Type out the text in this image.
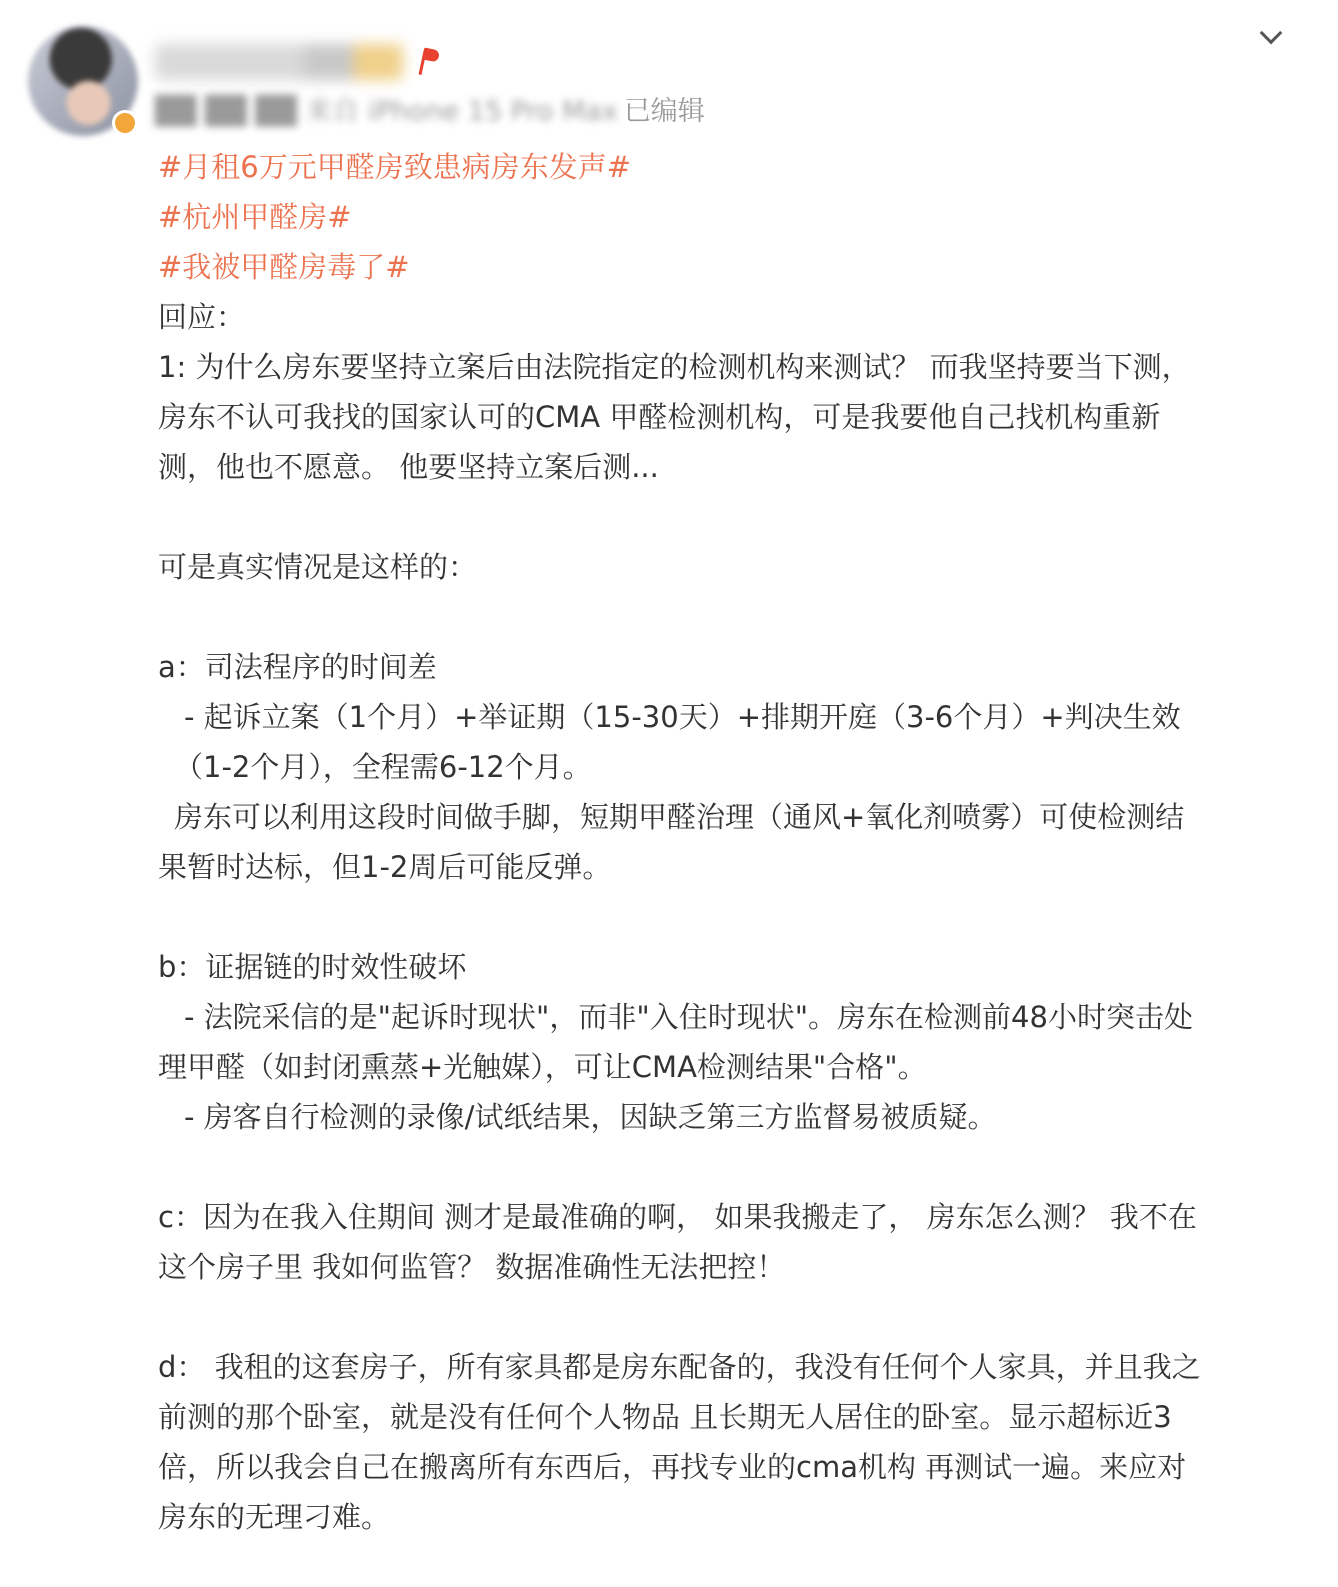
██ ██ ██ 来自 iPhone 15 Pro Max 已编辑
#月租6万元甲醛房致患病房东发声#
#杭州甲醛房#
#我被甲醛房毒了#
回应：
1: 为什么房东要坚持立案后由法院指定的检测机构来测试？ 而我坚持要当下测，
房东不认可我找的国家认可的CMA 甲醛检测机构，可是我要他自己找机构重新
测，他也不愿意。 他要坚持立案后测...
可是真实情况是这样的：
a：司法程序的时间差
- 起诉立案（1个月）+举证期（15-30天）+排期开庭（3-6个月）+判决生效
（1-2个月），全程需6-12个月。
房东可以利用这段时间做手脚，短期甲醛治理（通风+氧化剂喷雾）可使检测结
果暂时达标，但1-2周后可能反弹。
b：证据链的时效性破坏
- 法院采信的是"起诉时现状"，而非"入住时现状"。房东在检测前48小时突击处
理甲醛（如封闭熏蒸+光触媒），可让CMA检测结果"合格"。
- 房客自行检测的录像/试纸结果，因缺乏第三方监督易被质疑。
c：因为在我入住期间 测才是最准确的啊， 如果我搬走了， 房东怎么测？ 我不在
这个房子里 我如何监管？ 数据准确性无法把控！
d： 我租的这套房子，所有家具都是房东配备的，我没有任何个人家具，并且我之
前测的那个卧室，就是没有任何个人物品 且长期无人居住的卧室。显示超标近3
倍，所以我会自己在搬离所有东西后，再找专业的cma机构 再测试一遍。来应对
房东的无理刁难。
